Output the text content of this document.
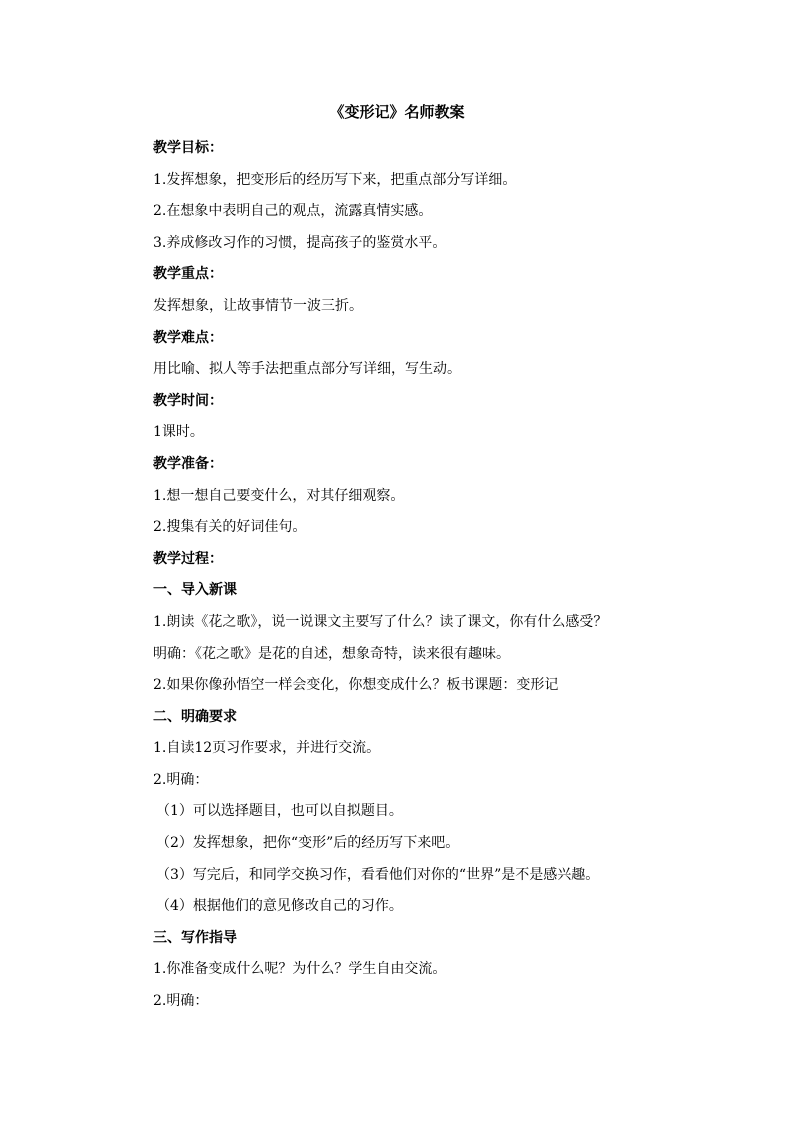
《变形记》名师教案
教学目标：
1.发挥想象，把变形后的经历写下来，把重点部分写详细。
2.在想象中表明自己的观点，流露真情实感。
3.养成修改习作的习惯，提高孩子的鉴赏水平。
教学重点：
发挥想象，让故事情节一波三折。
教学难点：
用比喻、拟人等手法把重点部分写详细，写生动。
教学时间：
1课时。
教学准备：
1.想一想自己要变什么，对其仔细观察。
2.搜集有关的好词佳句。
教学过程：
一、导入新课
1.朗读《花之歌》，说一说课文主要写了什么？读了课文，你有什么感受？
明确：《花之歌》是花的自述，想象奇特，读来很有趣味。
2.如果你像孙悟空一样会变化，你想变成什么？板书课题：变形记
二、明确要求
1.自读12页习作要求，并进行交流。
2.明确：
（1）可以选择题目，也可以自拟题目。
（2）发挥想象，把你“变形”后的经历写下来吧。
（3）写完后，和同学交换习作，看看他们对你的“世界”是不是感兴趣。
（4）根据他们的意见修改自己的习作。
三、写作指导
1.你准备变成什么呢？为什么？学生自由交流。
2.明确：
